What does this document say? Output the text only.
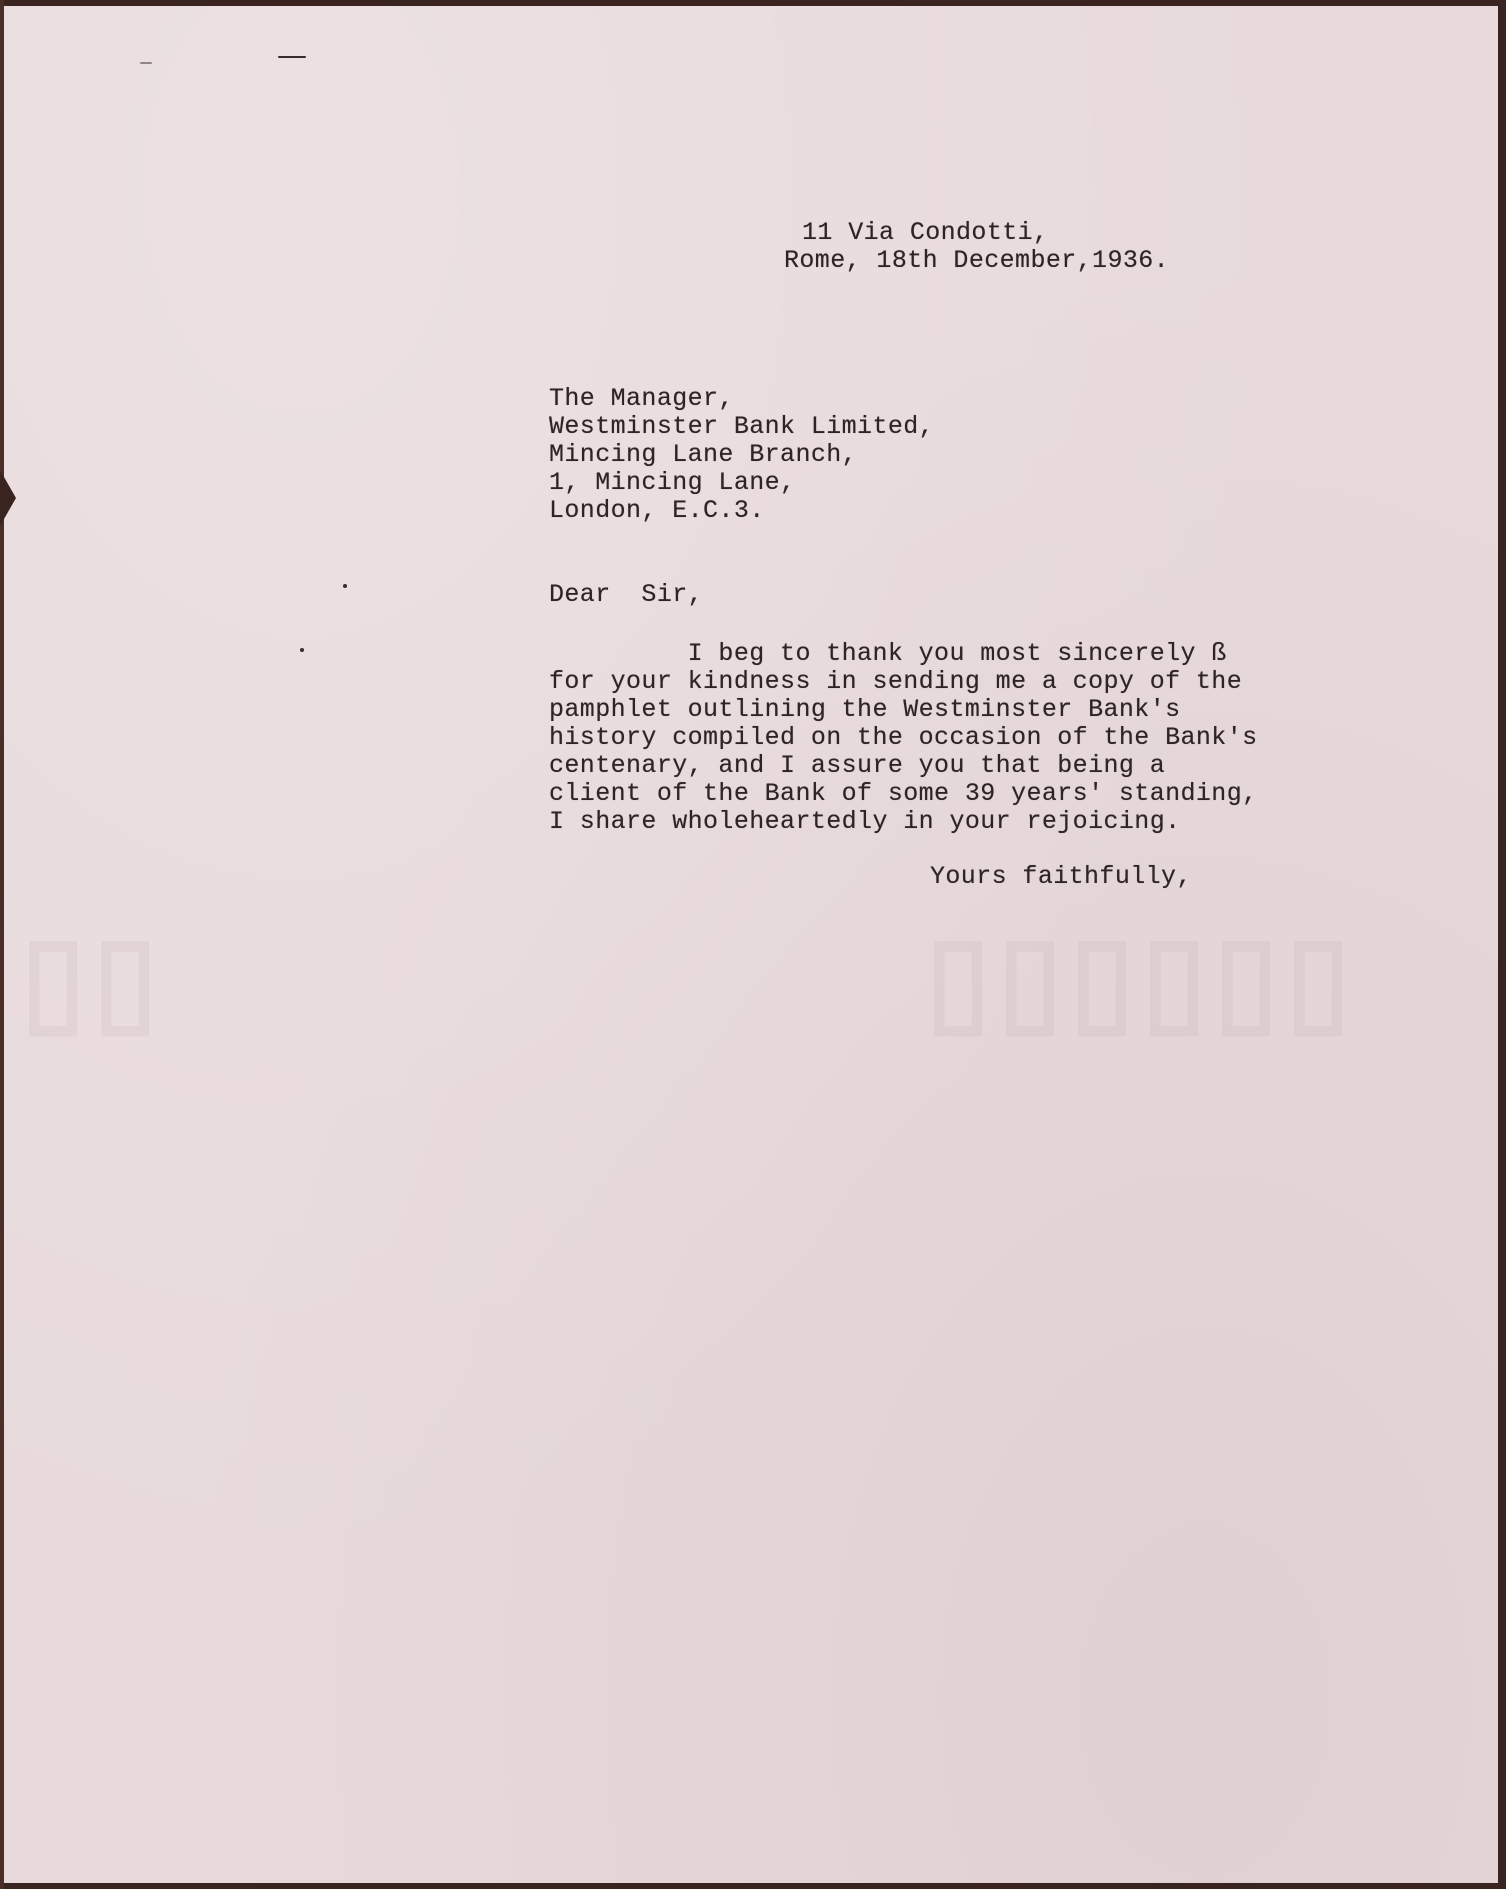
▯▯▯▯▯▯
▯▯
11 Via Condotti,
Rome, 18th December,1936.
The Manager,
Westminster Bank Limited,
Mincing Lane Branch,
1, Mincing Lane,
London, E.C.3.
Dear  Sir,
I beg to thank you most sincerely ß
for your kindness in sending me a copy of the
pamphlet outlining the Westminster Bank's
history compiled on the occasion of the Bank's
centenary, and I assure you that being a
client of the Bank of some 39 years' standing,
I share wholeheartedly in your rejoicing.
Yours faithfully,
